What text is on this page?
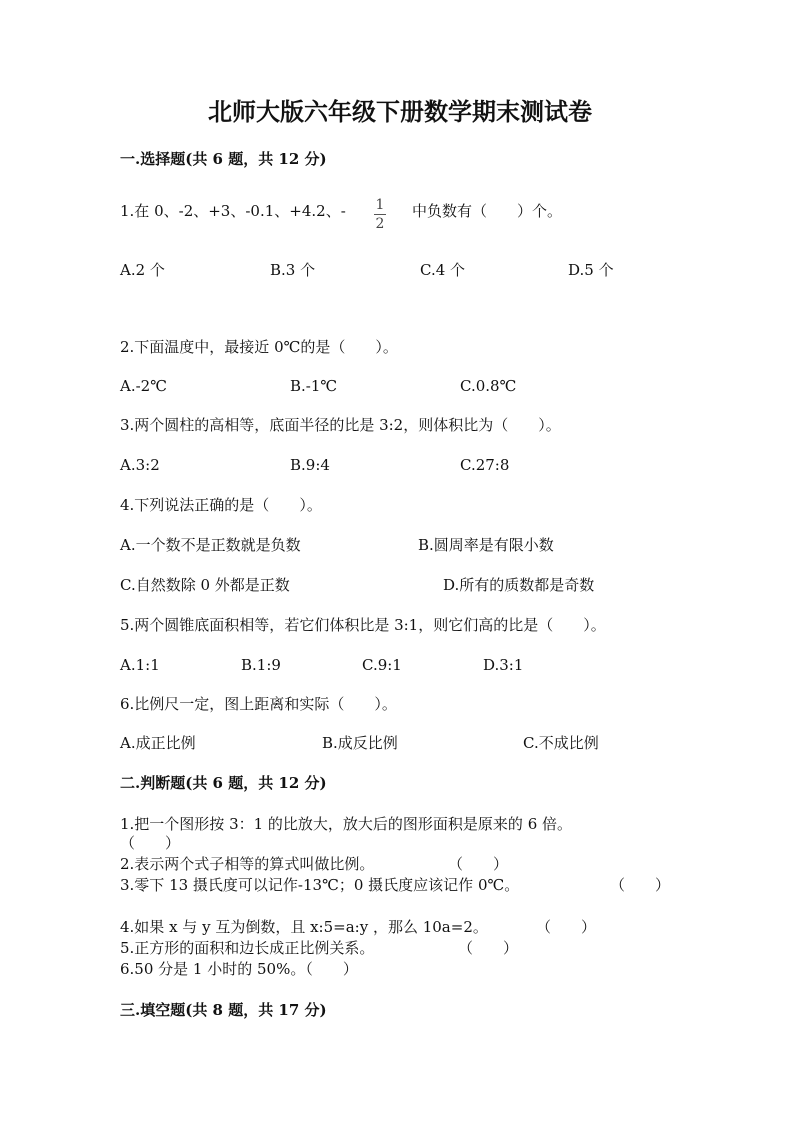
北师大版六年级下册数学期末测试卷
一.选择题(共 6 题，共 12 分)
1.在 0、-2、+3、-0.1、+4.2、- 1
2
中负数有（　　）个。
A.2 个	B.3 个	C.4 个	D.5 个
2.下面温度中，最接近 0℃的是（　　）。
A.-2℃	B.-1℃	C.0.8℃
3.两个圆柱的高相等，底面半径的比是 3:2，则体积比为（　　）。
A.3:2	B.9:4	C.27:8
4.下列说法正确的是（　　）。
A.一个数不是正数就是负数	B.圆周率是有限小数
C.自然数除 0 外都是正数	D.所有的质数都是奇数
5.两个圆锥底面积相等，若它们体积比是 3:1，则它们高的比是（　　）。
A.1:1	B.1:9	C.9:1	D.3:1
6.比例尺一定，图上距离和实际（　　）。
A.成正比例	B.成反比例	C.不成比例
二.判断题(共 6 题，共 12 分)
1.把一个图形按 3：1 的比放大，放大后的图形面积是原来的 6 倍。
（　　）
2.表示两个式子相等的算式叫做比例。	（　　）
3.零下 13 摄氏度可以记作-13℃；0 摄氏度应该记作 0℃。	（　　）
4.如果 x 与 y 互为倒数，且 x:5=a:y ，那么 10a=2。	（　　）
5.正方形的面积和边长成正比例关系。	（　　）
6.50 分是 1 小时的 50%。（　　）
三.填空题(共 8 题，共 17 分)
